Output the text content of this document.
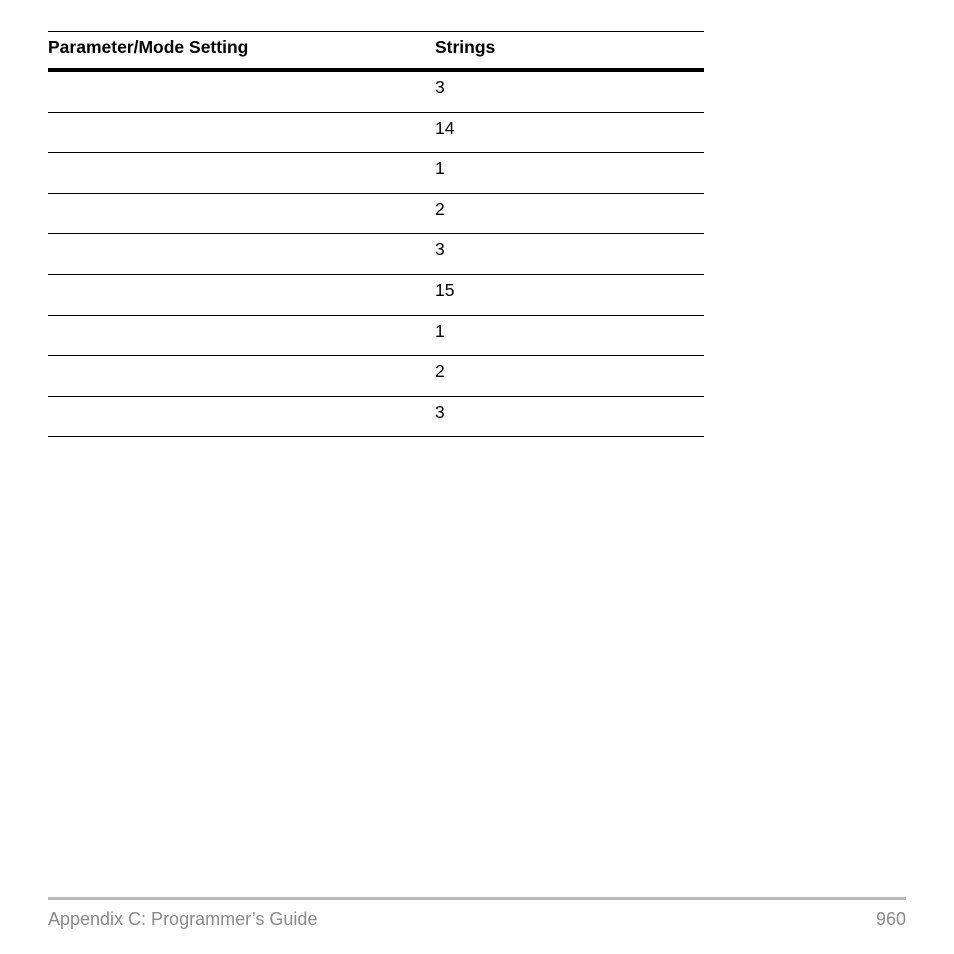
Parameter/Mode Setting	Strings
3
14
1
2
3
15
1
2
3
Appendix C: Programmer’s Guide	960
